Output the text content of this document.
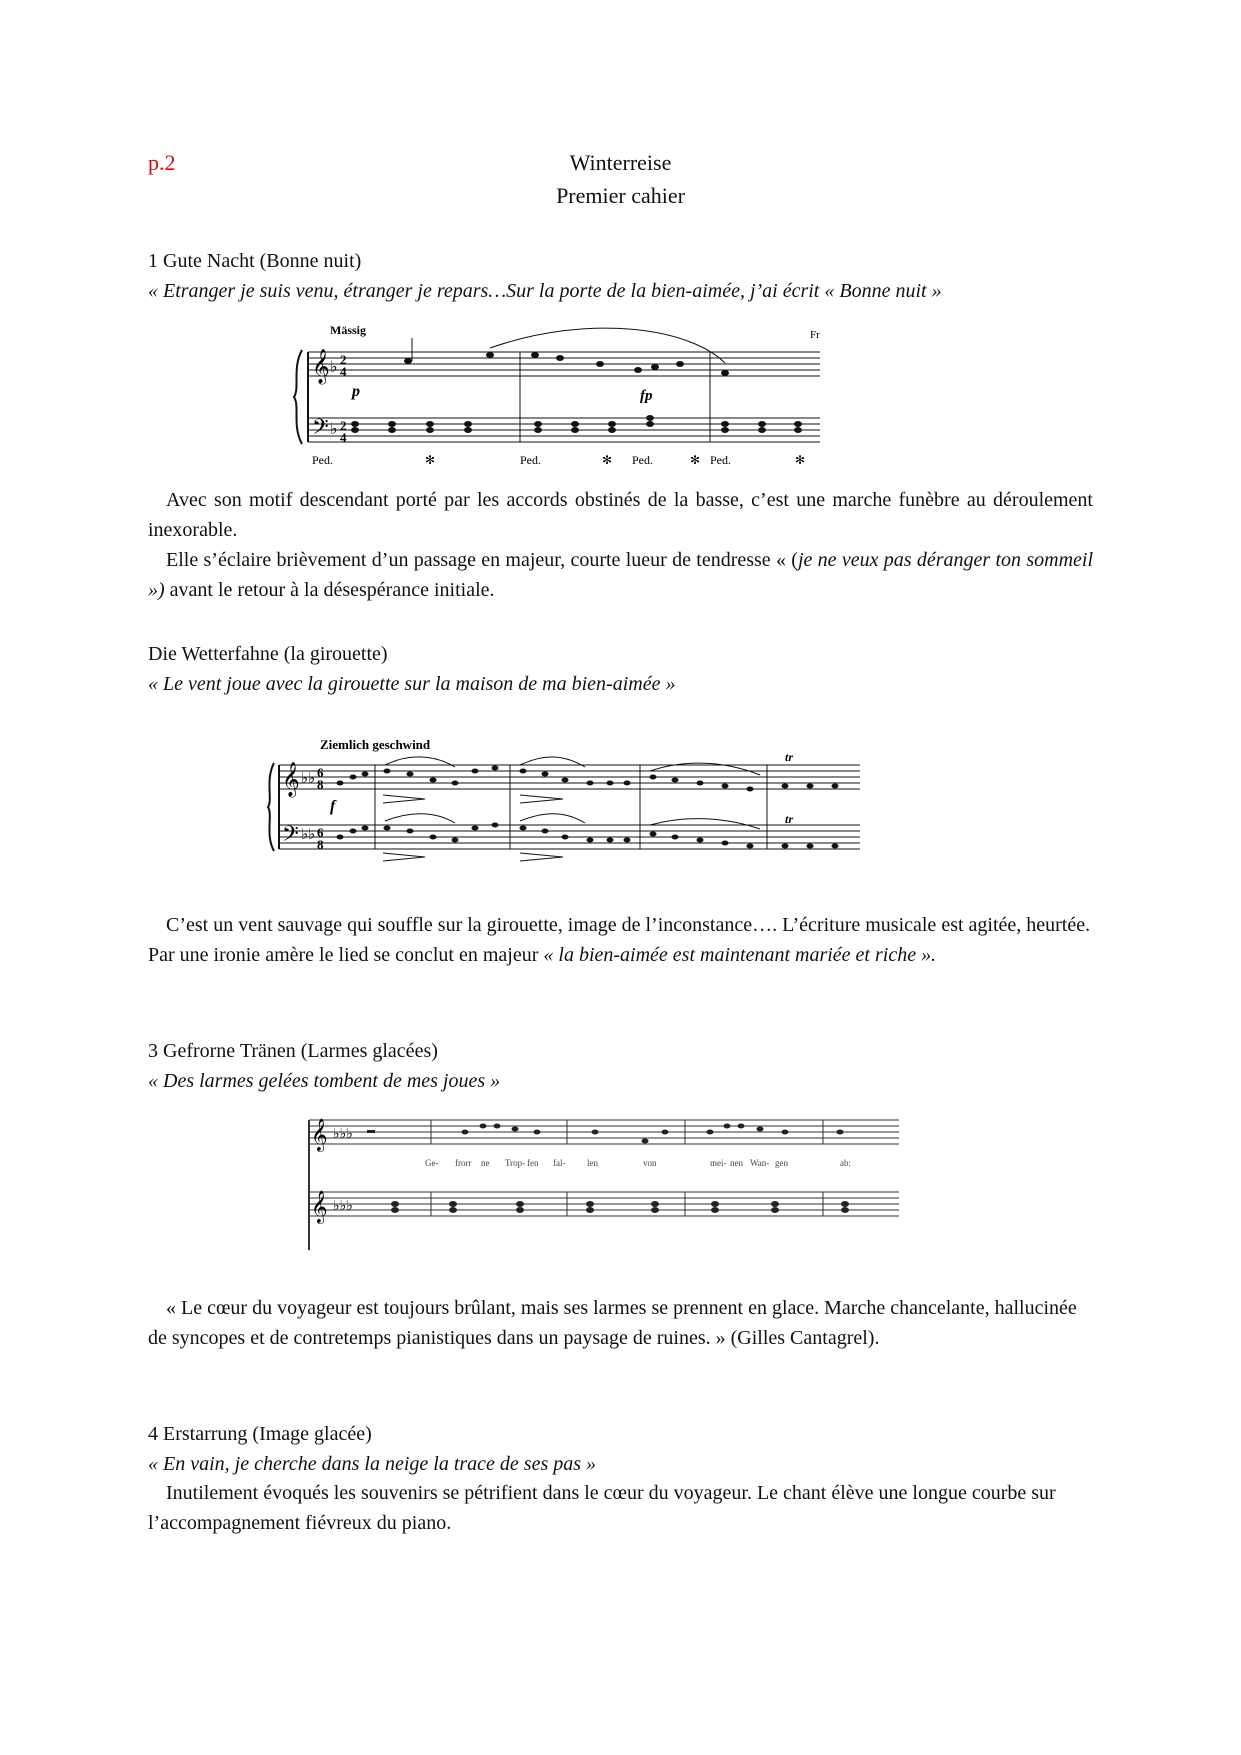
p.2	Winterreise
Premier cahier
1 Gute Nacht (Bonne nuit)
« Etranger je suis venu, étranger je repars…Sur la porte de la bien-aimée, j’ai écrit « Bonne nuit »
𝄞
𝄢
♭
♭
2
4
2
4
Mässig	Fr
p	fp
Ped.	✻	Ped.	✻ Ped.	✻ Ped.	✻
Avec son motif descendant porté par les accords obstinés de la basse, c’est une marche funèbre au déroulement inexorable.
Elle s’éclaire brièvement d’un passage en majeur, courte lueur de tendresse « (je ne veux pas déranger ton sommeil ») avant le retour à la désespérance initiale.
Die Wetterfahne (la girouette)
« Le vent joue avec la girouette sur la maison de ma bien-aimée »
𝄞
𝄢
♭♭
♭♭
6
8
6
8
Ziemlich geschwind
f
tr
tr
C’est un vent sauvage qui souffle sur la girouette, image de l’inconstance…. L’écriture musicale est agitée, heurtée. Par une ironie amère le lied se conclut en majeur « la bien-aimée est maintenant mariée et riche ».
3 Gefrorne Tränen (Larmes glacées)
« Des larmes gelées tombent de mes joues »
𝄞
𝄞
♭♭♭
♭♭♭
Ge- frorr ne Trop- fen fal- len	von	mei- nen Wan- gen	ab:
« Le cœur du voyageur est toujours brûlant, mais ses larmes se prennent en glace. Marche chancelante, hallucinée de syncopes et de contretemps pianistiques dans un paysage de ruines. » (Gilles Cantagrel).
4 Erstarrung (Image glacée)
« En vain, je cherche dans la neige la trace de ses pas »
Inutilement évoqués les souvenirs se pétrifient dans le cœur du voyageur. Le chant élève une longue courbe sur l’accompagnement fiévreux du piano.
